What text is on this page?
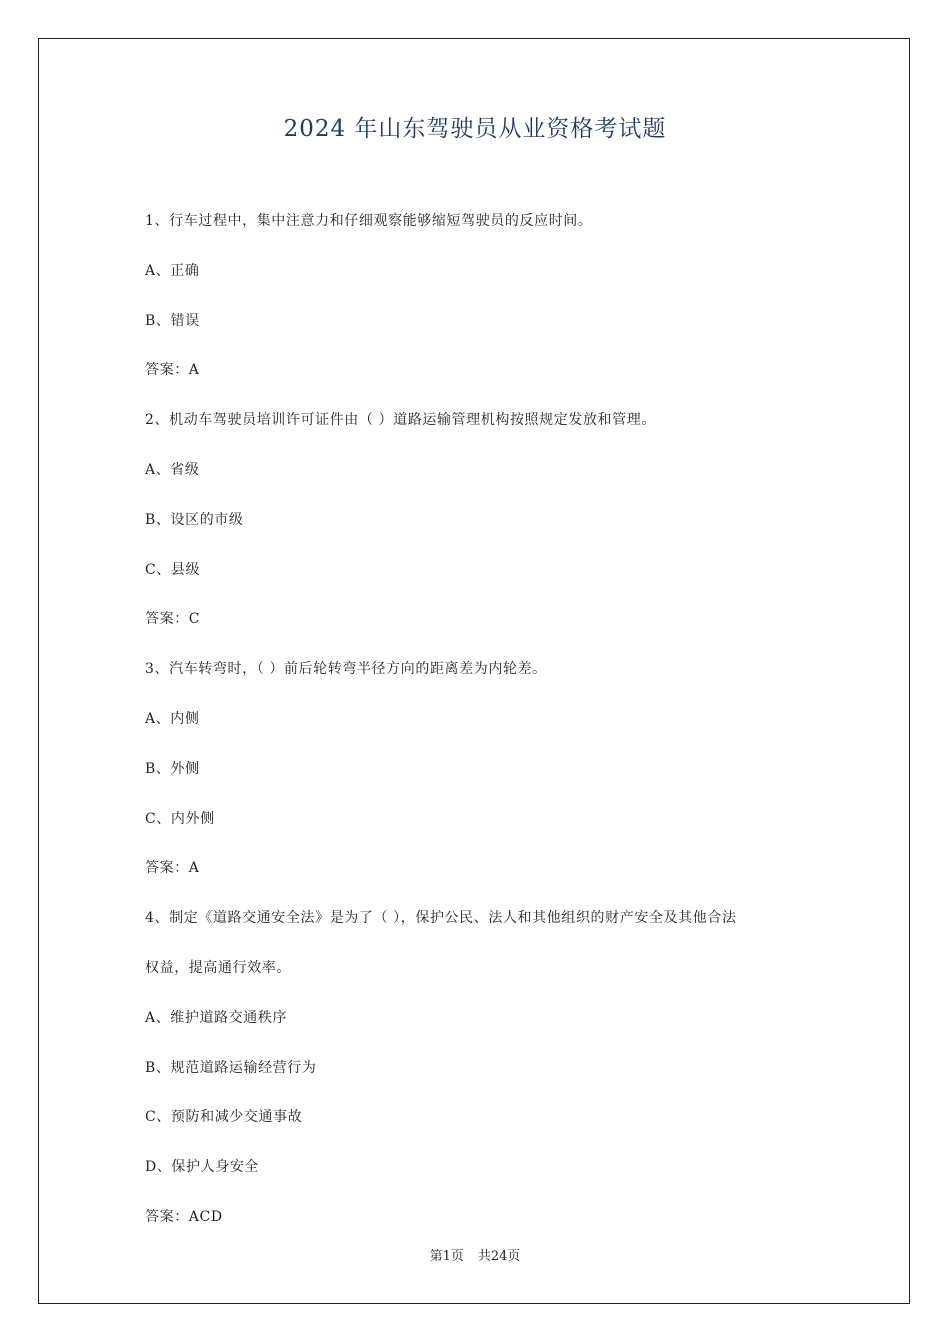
2024 年山东驾驶员从业资格考试题
1、行车过程中，集中注意力和仔细观察能够缩短驾驶员的反应时间。
A、正确
B、错误
答案：A
2、机动车驾驶员培训许可证件由（ ）道路运输管理机构按照规定发放和管理。
A、省级
B、设区的市级
C、县级
答案：C
3、汽车转弯时，（ ）前后轮转弯半径方向的距离差为内轮差。
A、内侧
B、外侧
C、内外侧
答案：A
4、制定《道路交通安全法》是为了（ ），保护公民、法人和其他组织的财产安全及其他合法
权益，提高通行效率。
A、维护道路交通秩序
B、规范道路运输经营行为
C、预防和减少交通事故
D、保护人身安全
答案：ACD
第1页 共24页
